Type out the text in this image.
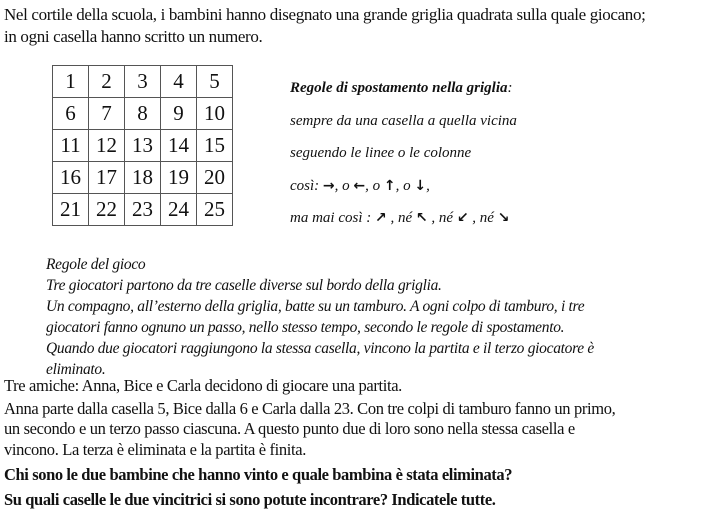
Nel cortile della scuola, i bambini hanno disegnato una grande griglia quadrata sulla quale giocano;
in ogni casella hanno scritto un numero.
1	2	3	4	5
6	7	8	9	10
11	12	13	14	15
16	17	18	19	20
21	22	23	24	25
Regole di spostamento nella griglia:
sempre da una casella a quella vicina
seguendo le linee o le colonne
così: →, o ←, o ↑, o ↓,
ma mai così : ↗ , né ↖ , né ↙ , né ↘
Regole del gioco
Tre giocatori partono da tre caselle diverse sul bordo della griglia.
Un compagno, all’esterno della griglia, batte su un tamburo. A ogni colpo di tamburo, i tre
giocatori fanno ognuno un passo, nello stesso tempo, secondo le regole di spostamento.
Quando due giocatori raggiungono la stessa casella, vincono la partita e il terzo giocatore è
eliminato.
Tre amiche: Anna, Bice e Carla decidono di giocare una partita.
Anna parte dalla casella 5, Bice dalla 6 e Carla dalla 23. Con tre colpi di tamburo fanno un primo,
un secondo e un terzo passo ciascuna. A questo punto due di loro sono nella stessa casella e
vincono. La terza è eliminata e la partita è finita.
Chi sono le due bambine che hanno vinto e quale bambina è stata eliminata?
Su quali caselle le due vincitrici si sono potute incontrare? Indicatele tutte.
